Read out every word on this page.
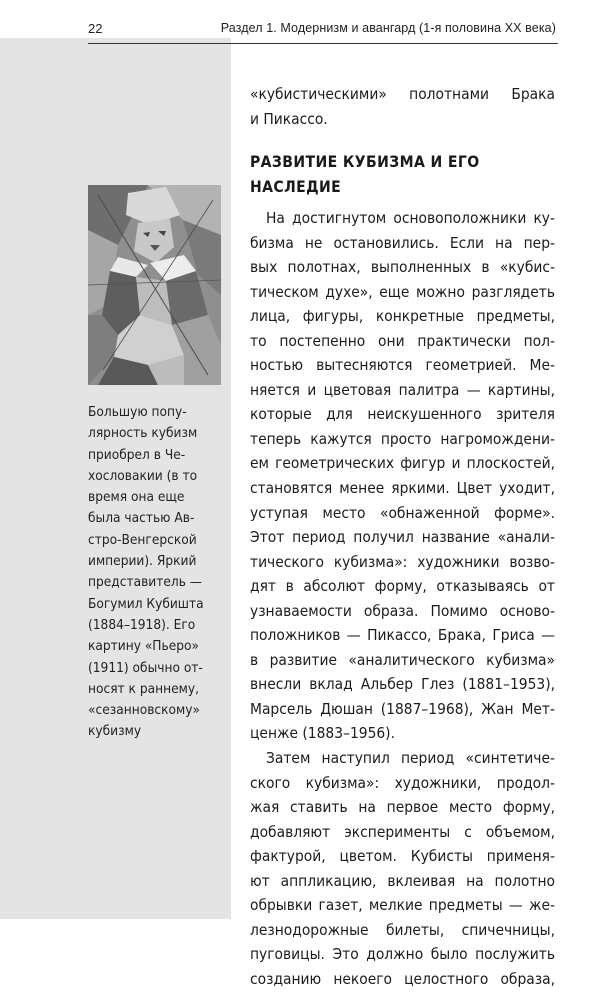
22	Раздел 1. Модернизм и авангард (1-я половина XX века)
«кубистическими» полотнами Брака
и Пикассо.
РАЗВИТИЕ КУБИЗМА И ЕГО
НАСЛЕДИЕ
На достигнутом основоположники ку-
бизма не остановились. Если на пер-
вых полотнах, выполненных в «кубис-
тическом духе», еще можно разглядеть
лица, фигуры, конкретные предметы,
то постепенно они практически пол-
ностью вытесняются геометрией. Ме-
няется и цветовая палитра — картины,
которые для неискушенного зрителя
теперь кажутся просто нагромождени-
ем геометрических фигур и плоскостей,
становятся менее яркими. Цвет уходит,
уступая место «обнаженной форме».
Этот период получил название «анали-
тического кубизма»: художники возво-
дят в абсолют форму, отказываясь от
узнаваемости образа. Помимо осново-
положников — Пикассо, Брака, Гриса —
в развитие «аналитического кубизма»
внесли вклад Альбер Глез (1881–1953),
Марсель Дюшан (1887–1968), Жан Мет-
ценже (1883–1956).
Затем наступил период «синтетиче-
ского кубизма»: художники, продол-
жая ставить на первое место форму,
добавляют эксперименты с объемом,
фактурой, цветом. Кубисты применя-
ют аппликацию, вклеивая на полотно
обрывки газет, мелкие предметы — же-
лезнодорожные билеты, спичечницы,
пуговицы. Это должно было послужить
созданию некоего целостного образа,
Большую попу-
лярность кубизм
приобрел в Че-
хословакии (в то
время она еще
была частью Ав-
стро-Венгерской
империи). Яркий
представитель —
Богумил Кубишта
(1884–1918). Его
картину «Пьеро»
(1911) обычно от-
носят к раннему,
«сезанновскому»
кубизму
